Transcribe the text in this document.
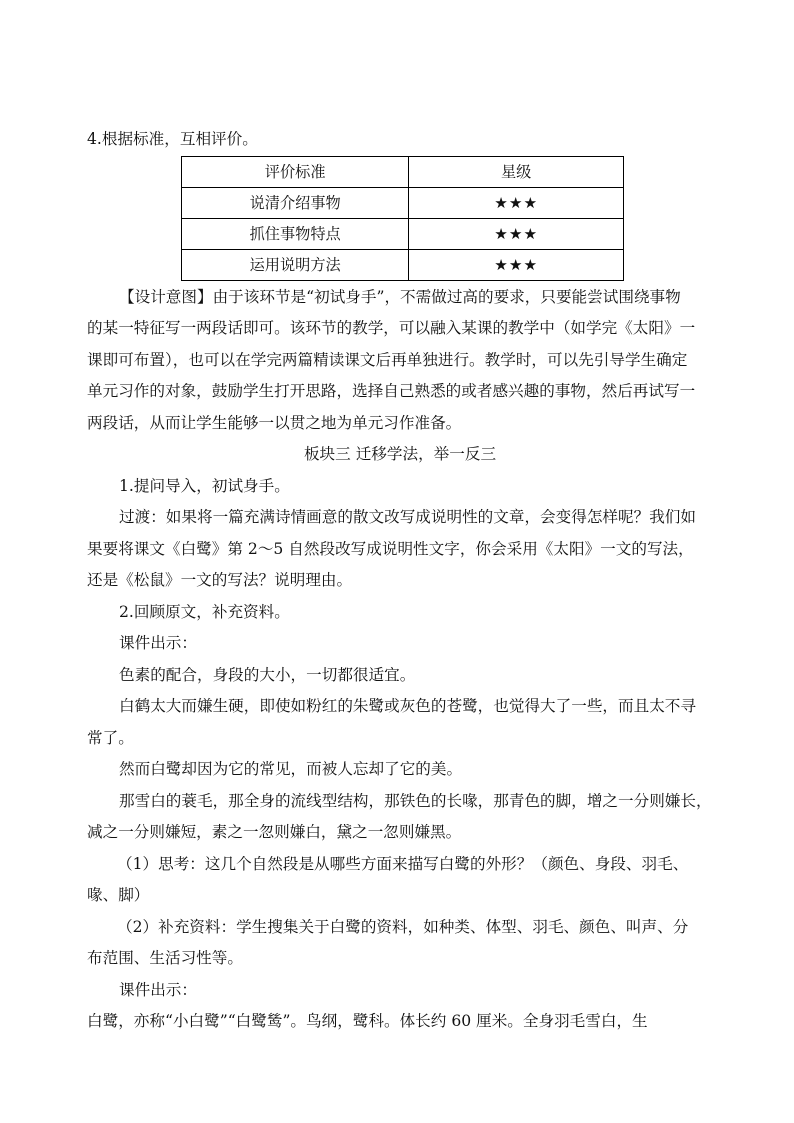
4.根据标准，互相评价。
评价标准	星级
说清介绍事物	★★★
抓住事物特点	★★★
运用说明方法	★★★
【设计意图】由于该环节是“初试身手”，不需做过高的要求，只要能尝试围绕事物
的某一特征写一两段话即可。该环节的教学，可以融入某课的教学中（如学完《太阳》一
课即可布置），也可以在学完两篇精读课文后再单独进行。教学时，可以先引导学生确定
单元习作的对象，鼓励学生打开思路，选择自己熟悉的或者感兴趣的事物，然后再试写一
两段话，从而让学生能够一以贯之地为单元习作准备。
板块三 迁移学法，举一反三
1.提问导入，初试身手。
过渡：如果将一篇充满诗情画意的散文改写成说明性的文章，会变得怎样呢？我们如
果要将课文《白鹭》第 2～5 自然段改写成说明性文字，你会采用《太阳》一文的写法，
还是《松鼠》一文的写法？说明理由。
2.回顾原文，补充资料。
课件出示：
色素的配合，身段的大小，一切都很适宜。
白鹤太大而嫌生硬，即使如粉红的朱鹭或灰色的苍鹭，也觉得大了一些，而且太不寻
常了。
然而白鹭却因为它的常见，而被人忘却了它的美。
那雪白的蓑毛，那全身的流线型结构，那铁色的长喙，那青色的脚，增之一分则嫌长，
减之一分则嫌短，素之一忽则嫌白，黛之一忽则嫌黑。
（1）思考：这几个自然段是从哪些方面来描写白鹭的外形？（颜色、身段、羽毛、
喙、脚）
（2）补充资料：学生搜集关于白鹭的资料，如种类、体型、羽毛、颜色、叫声、分
布范围、生活习性等。
课件出示：
白鹭，亦称“小白鹭”“白鹭鸶”。鸟纲，鹭科。体长约 60 厘米。全身羽毛雪白，生
